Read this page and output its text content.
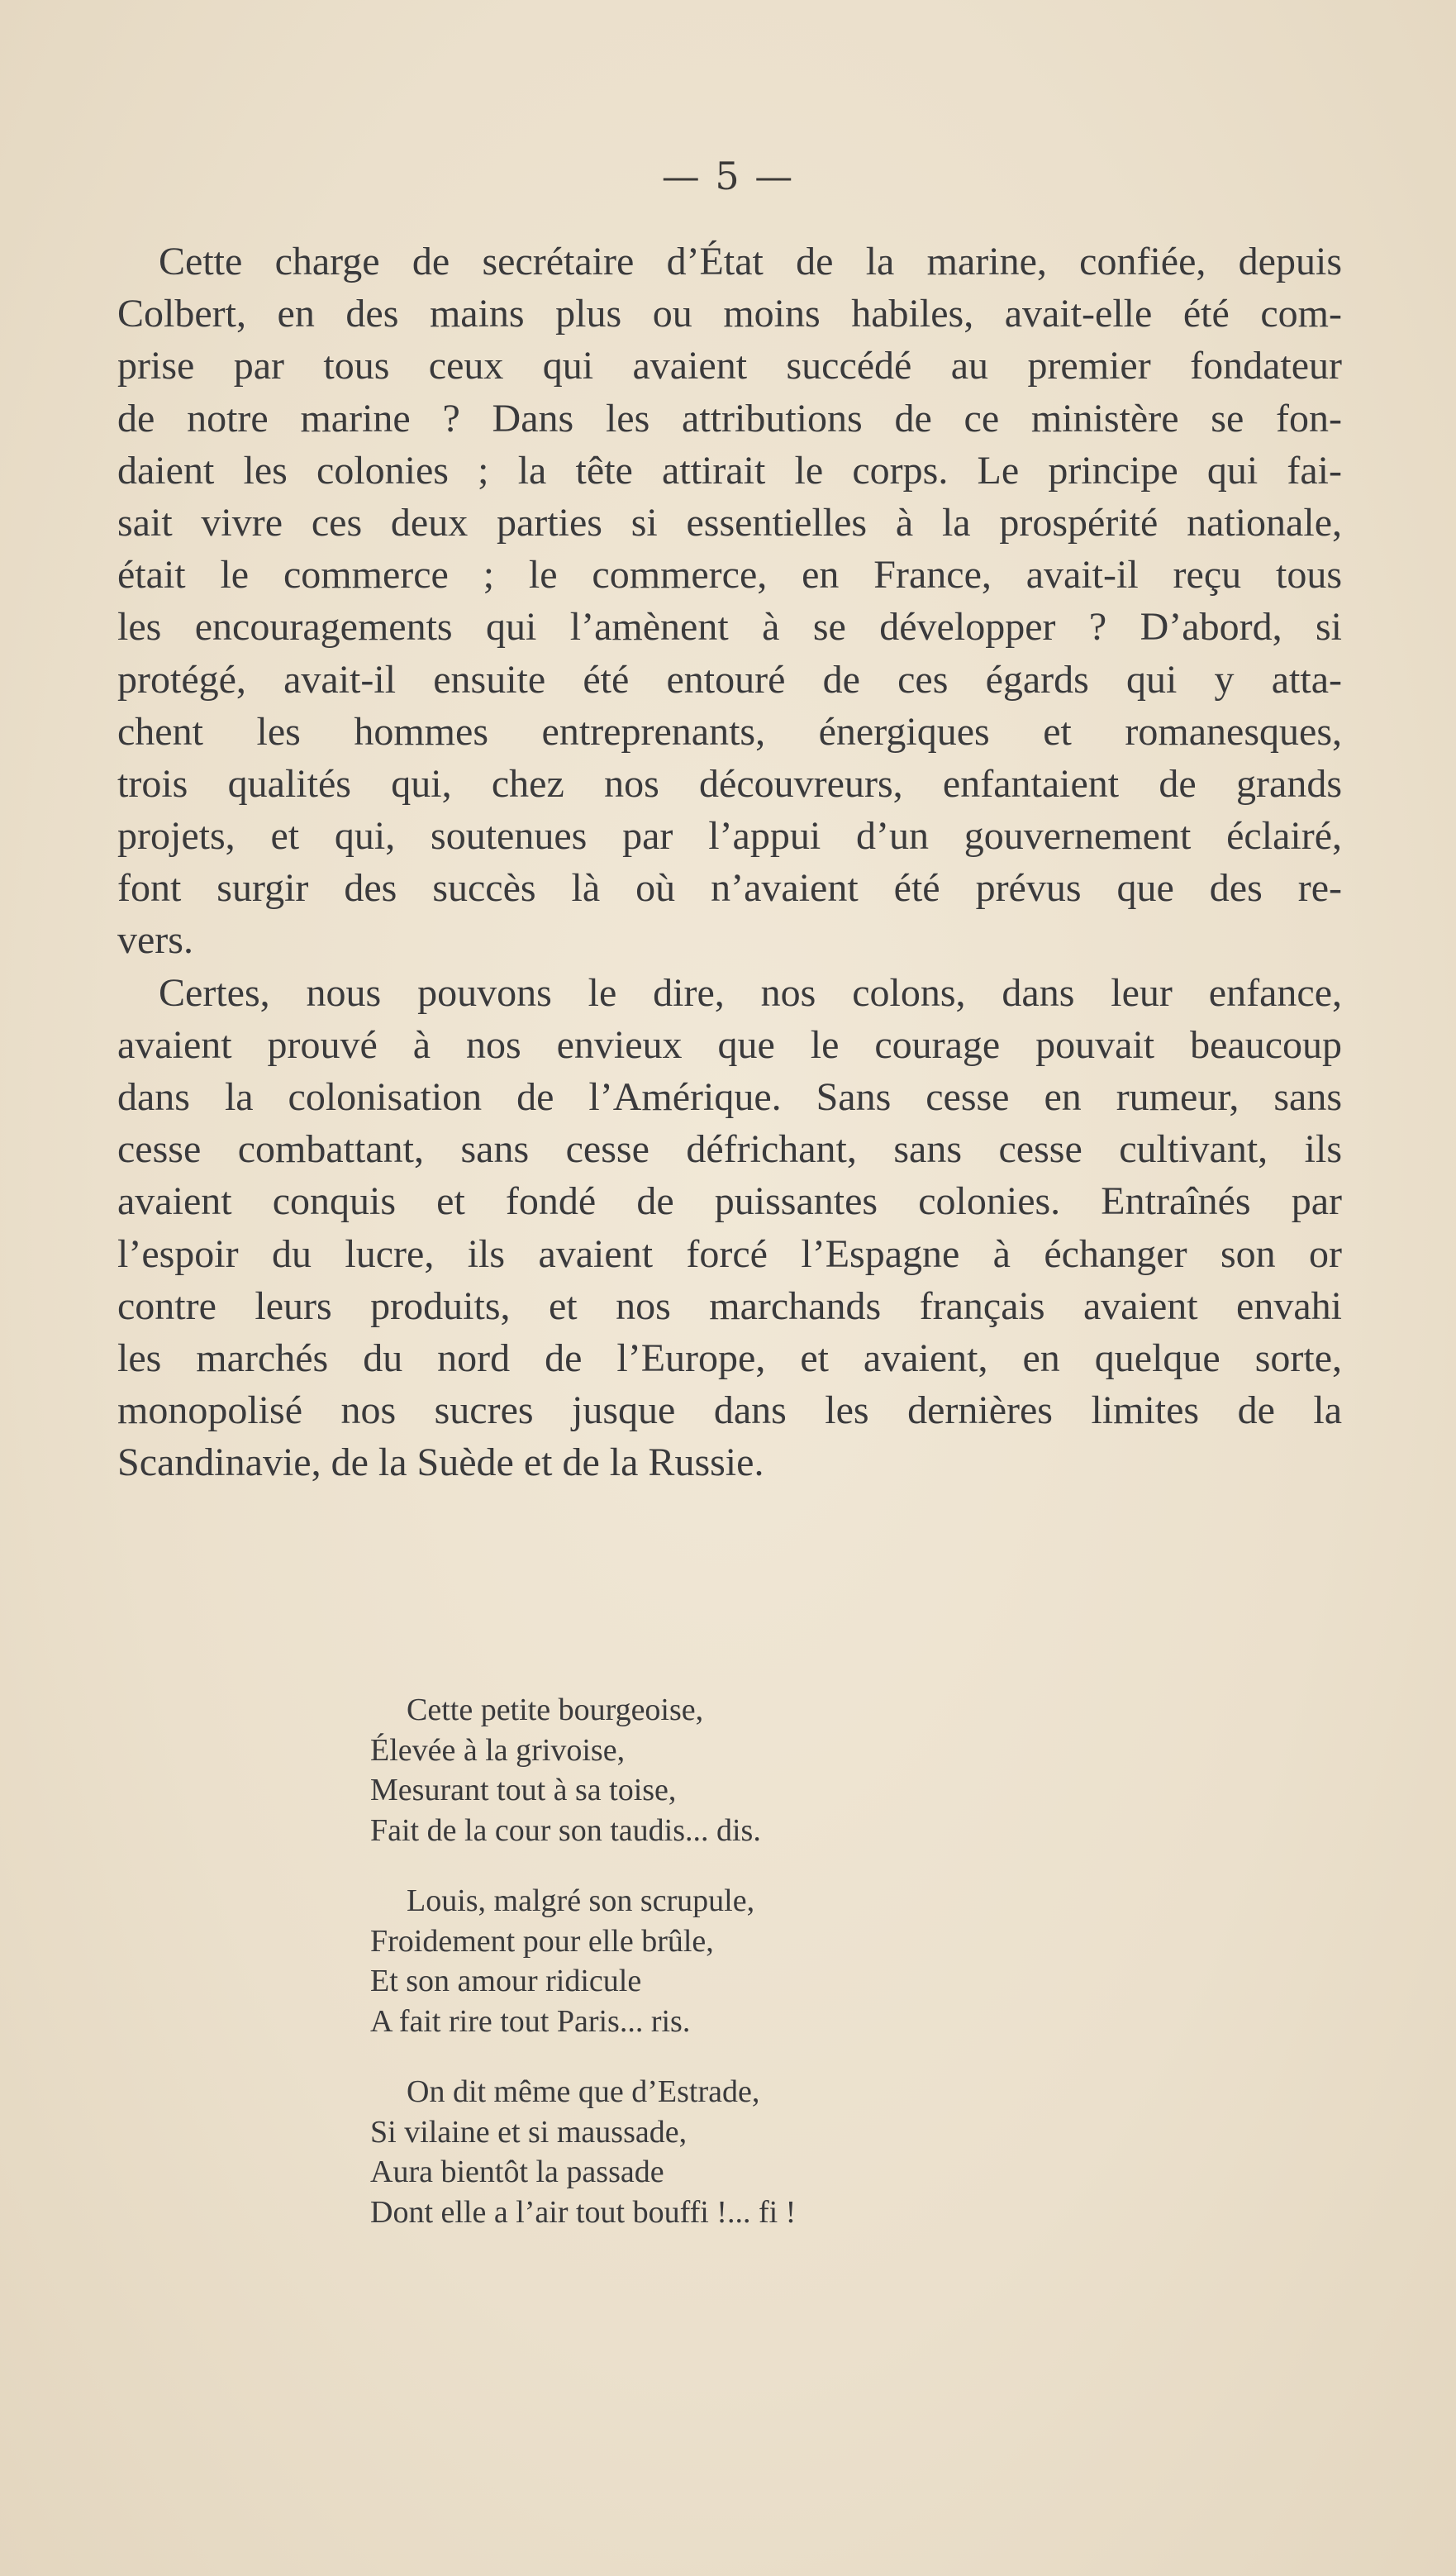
— 5 —
Cette charge de secrétaire d’État de la marine, confiée, depuis
Colbert, en des mains plus ou moins habiles, avait-elle été com-
prise par tous ceux qui avaient succédé au premier fondateur
de notre marine ? Dans les attributions de ce ministère se fon-
daient les colonies ; la tête attirait le corps. Le principe qui fai-
sait vivre ces deux parties si essentielles à la prospérité nationale,
était le commerce ; le commerce, en France, avait-il reçu tous
les encouragements qui l’amènent à se développer ? D’abord, si
protégé, avait-il ensuite été entouré de ces égards qui y atta-
chent les hommes entreprenants, énergiques et romanesques,
trois qualités qui, chez nos découvreurs, enfantaient de grands
projets, et qui, soutenues par l’appui d’un gouvernement éclairé,
font surgir des succès là où n’avaient été prévus que des re-
vers.
Certes, nous pouvons le dire, nos colons, dans leur enfance,
avaient prouvé à nos envieux que le courage pouvait beaucoup
dans la colonisation de l’Amérique. Sans cesse en rumeur, sans
cesse combattant, sans cesse défrichant, sans cesse cultivant, ils
avaient conquis et fondé de puissantes colonies. Entraînés par
l’espoir du lucre, ils avaient forcé l’Espagne à échanger son or
contre leurs produits, et nos marchands français avaient envahi
les marchés du nord de l’Europe, et avaient, en quelque sorte,
monopolisé nos sucres jusque dans les dernières limites de la
Scandinavie, de la Suède et de la Russie.
Cette petite bourgeoise,
Élevée à la grivoise,
Mesurant tout à sa toise,
Fait de la cour son taudis... dis.
Louis, malgré son scrupule,
Froidement pour elle brûle,
Et son amour ridicule
A fait rire tout Paris... ris.
On dit même que d’Estrade,
Si vilaine et si maussade,
Aura bientôt la passade
Dont elle a l’air tout bouffi !... fi !
